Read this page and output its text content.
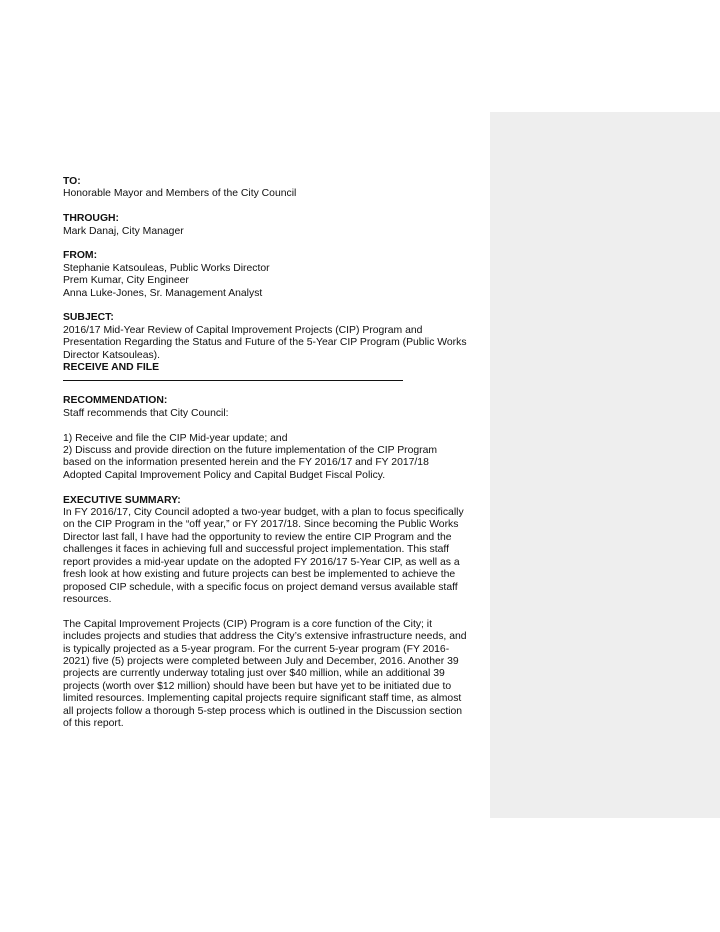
TO:

Honorable Mayor and Members of the City Council

THROUGH:

Mark Danaj, City Manager

FROM:

Stephanie Katsouleas, Public Works Director

Prem Kumar, City Engineer

Anna Luke-Jones, Sr. Management Analyst

SUBJECT:

2016/17 Mid-Year Review of Capital Improvement Projects (CIP) Program and

Presentation Regarding the Status and Future of the 5-Year CIP Program (Public Works

Director Katsouleas).

RECEIVE AND FILE

RECOMMENDATION:

Staff recommends that City Council:

1) Receive and file the CIP Mid-year update; and

2) Discuss and provide direction on the future implementation of the CIP Program

based on the information presented herein and the FY 2016/17 and FY 2017/18

Adopted Capital Improvement Policy and Capital Budget Fiscal Policy.

EXECUTIVE SUMMARY:

In FY 2016/17, City Council adopted a two-year budget, with a plan to focus specifically

on the CIP Program in the “off year,” or FY 2017/18. Since becoming the Public Works

Director last fall, I have had the opportunity to review the entire CIP Program and the

challenges it faces in achieving full and successful project implementation. This staff

report provides a mid-year update on the adopted FY 2016/17 5-Year CIP, as well as a

fresh look at how existing and future projects can best be implemented to achieve the

proposed CIP schedule, with a specific focus on project demand versus available staff

resources.

The Capital Improvement Projects (CIP) Program is a core function of the City; it

includes projects and studies that address the City’s extensive infrastructure needs, and

is typically projected as a 5-year program. For the current 5-year program (FY 2016-

2021) five (5) projects were completed between July and December, 2016. Another 39

projects are currently underway totaling just over $40 million, while an additional 39

projects (worth over $12 million) should have been but have yet to be initiated due to

limited resources. Implementing capital projects require significant staff time, as almost

all projects follow a thorough 5-step process which is outlined in the Discussion section

of this report.
